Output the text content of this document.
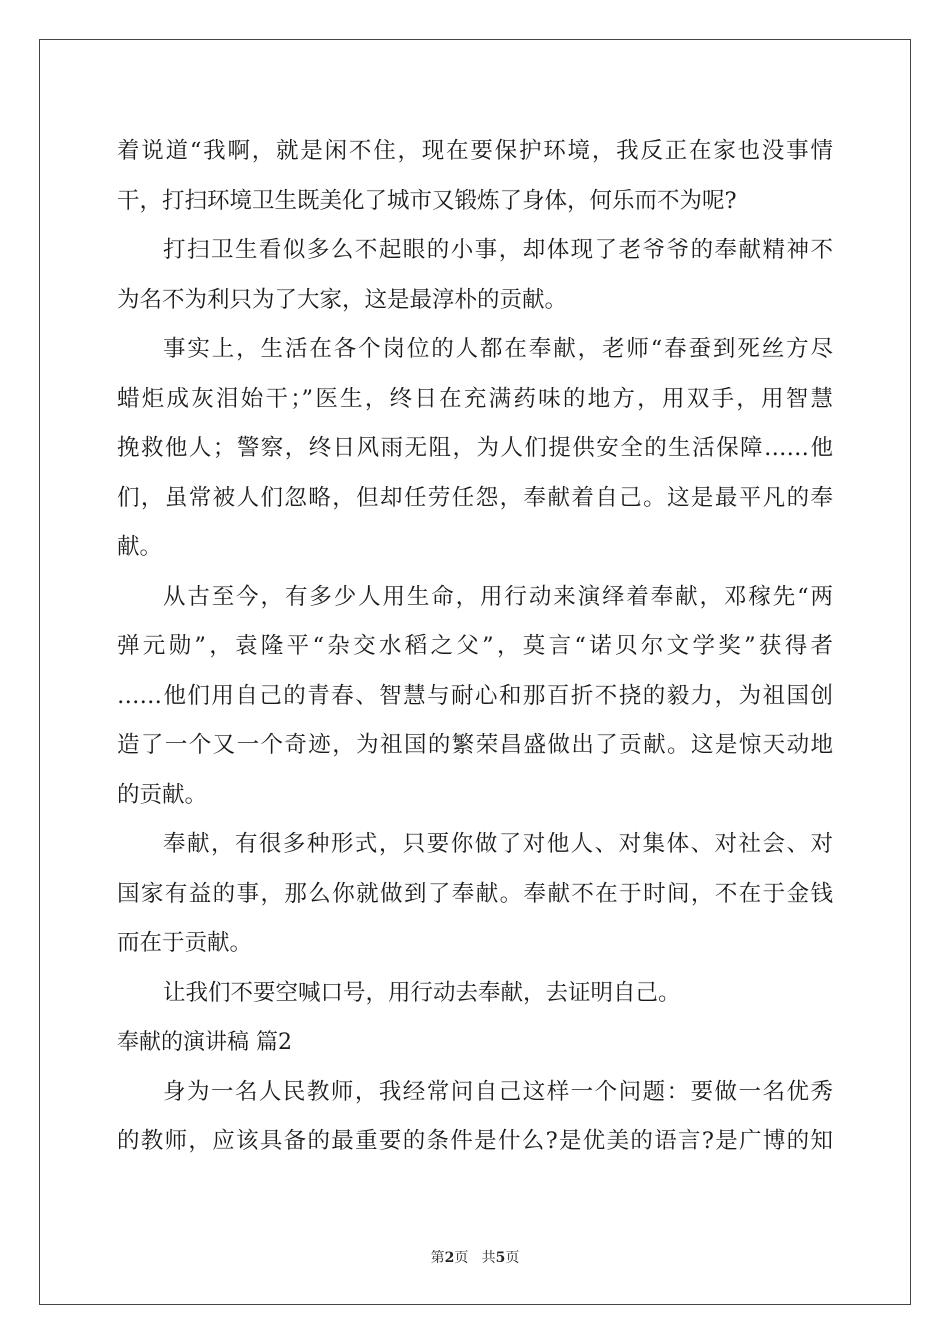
着说道“我啊，就是闲不住，现在要保护环境，我反正在家也没事情
干，打扫环境卫生既美化了城市又锻炼了身体，何乐而不为呢?
打扫卫生看似多么不起眼的小事，却体现了老爷爷的奉献精神不
为名不为利只为了大家，这是最淳朴的贡献。
事实上，生活在各个岗位的人都在奉献，老师“春蚕到死丝方尽
蜡炬成灰泪始干；”医生，终日在充满药味的地方，用双手，用智慧
挽救他人；警察，终日风雨无阻，为人们提供安全的生活保障……他
们，虽常被人们忽略，但却任劳任怨，奉献着自己。这是最平凡的奉
献。
从古至今，有多少人用生命，用行动来演绎着奉献，邓稼先“两
弹元勋”，袁隆平“杂交水稻之父”，莫言“诺贝尔文学奖”获得者
……他们用自己的青春、智慧与耐心和那百折不挠的毅力，为祖国创
造了一个又一个奇迹，为祖国的繁荣昌盛做出了贡献。这是惊天动地
的贡献。
奉献，有很多种形式，只要你做了对他人、对集体、对社会、对
国家有益的事，那么你就做到了奉献。奉献不在于时间，不在于金钱
而在于贡献。
让我们不要空喊口号，用行动去奉献，去证明自己。
奉献的演讲稿 篇2
身为一名人民教师，我经常问自己这样一个问题：要做一名优秀
的教师，应该具备的最重要的条件是什么?是优美的语言?是广博的知
第2页 共5页
